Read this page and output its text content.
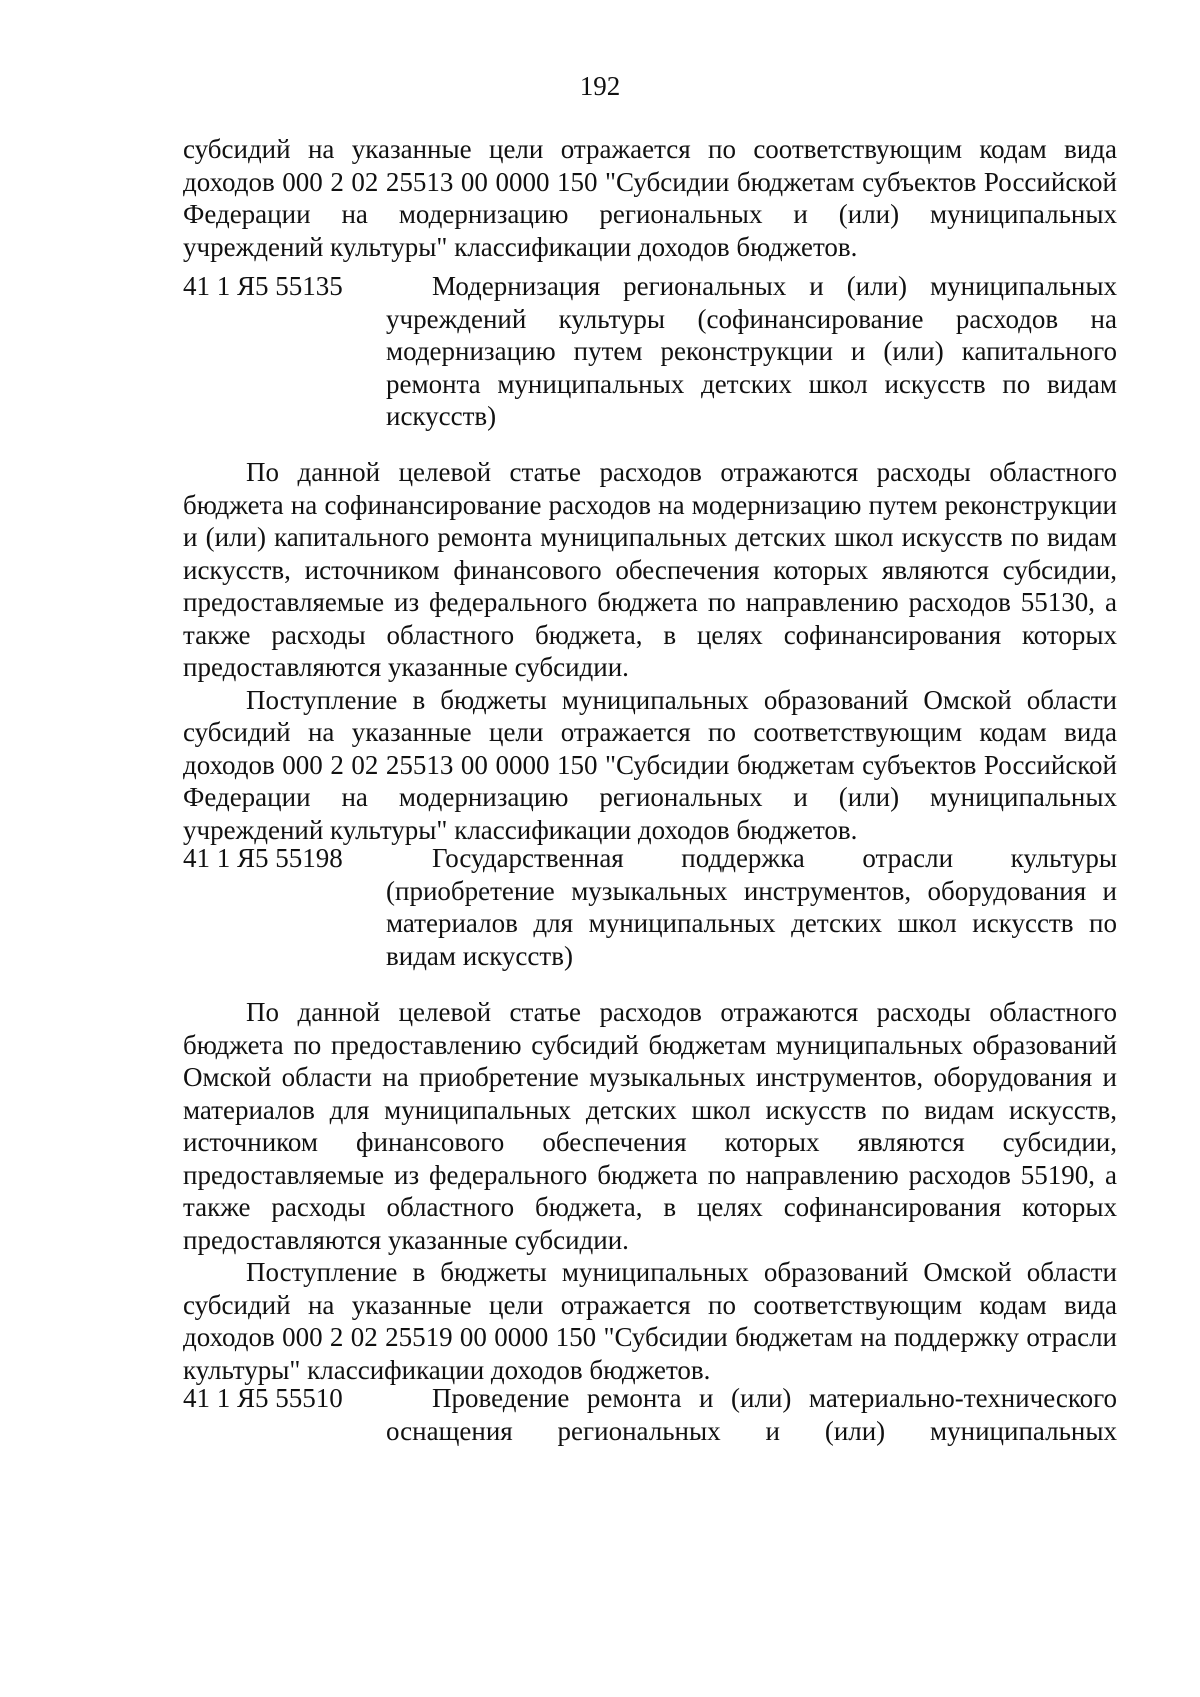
192

субсидий на указанные цели отражается по соответствующим кодам вида доходов 000 2 02 25513 00 0000 150 "Субсидии бюджетам субъектов Российской Федерации на модернизацию региональных и (или) муниципальных учреждений культуры" классификации доходов бюджетов.

41 1 Я5 55135	Модернизация региональных и (или) муниципальных учреждений культуры (софинансирование расходов на модернизацию путем реконструкции и (или) капитального ремонта муниципальных детских школ искусств по видам искусств)

По данной целевой статье расходов отражаются расходы областного бюджета на софинансирование расходов на модернизацию путем реконструкции и (или) капитального ремонта муниципальных детских школ искусств по видам искусств, источником финансового обеспечения которых являются субсидии, предоставляемые из федерального бюджета по направлению расходов 55130, а также расходы областного бюджета, в целях софинансирования которых предоставляются указанные субсидии.

Поступление в бюджеты муниципальных образований Омской области субсидий на указанные цели отражается по соответствующим кодам вида доходов 000 2 02 25513 00 0000 150 "Субсидии бюджетам субъектов Российской Федерации на модернизацию региональных и (или) муниципальных учреждений культуры" классификации доходов бюджетов.

41 1 Я5 55198	Государственная поддержка отрасли культуры (приобретение музыкальных инструментов, оборудования и материалов для муниципальных детских школ искусств по видам искусств)

По данной целевой статье расходов отражаются расходы областного бюджета по предоставлению субсидий бюджетам муниципальных образований Омской области на приобретение музыкальных инструментов, оборудования и материалов для муниципальных детских школ искусств по видам искусств, источником финансового обеспечения которых являются субсидии, предоставляемые из федерального бюджета по направлению расходов 55190, а также расходы областного бюджета, в целях софинансирования которых предоставляются указанные субсидии.

Поступление в бюджеты муниципальных образований Омской области субсидий на указанные цели отражается по соответствующим кодам вида доходов 000 2 02 25519 00 0000 150 "Субсидии бюджетам на поддержку отрасли культуры" классификации доходов бюджетов.

41 1 Я5 55510	Проведение ремонта и (или) материально-технического оснащения региональных и (или) муниципальных
